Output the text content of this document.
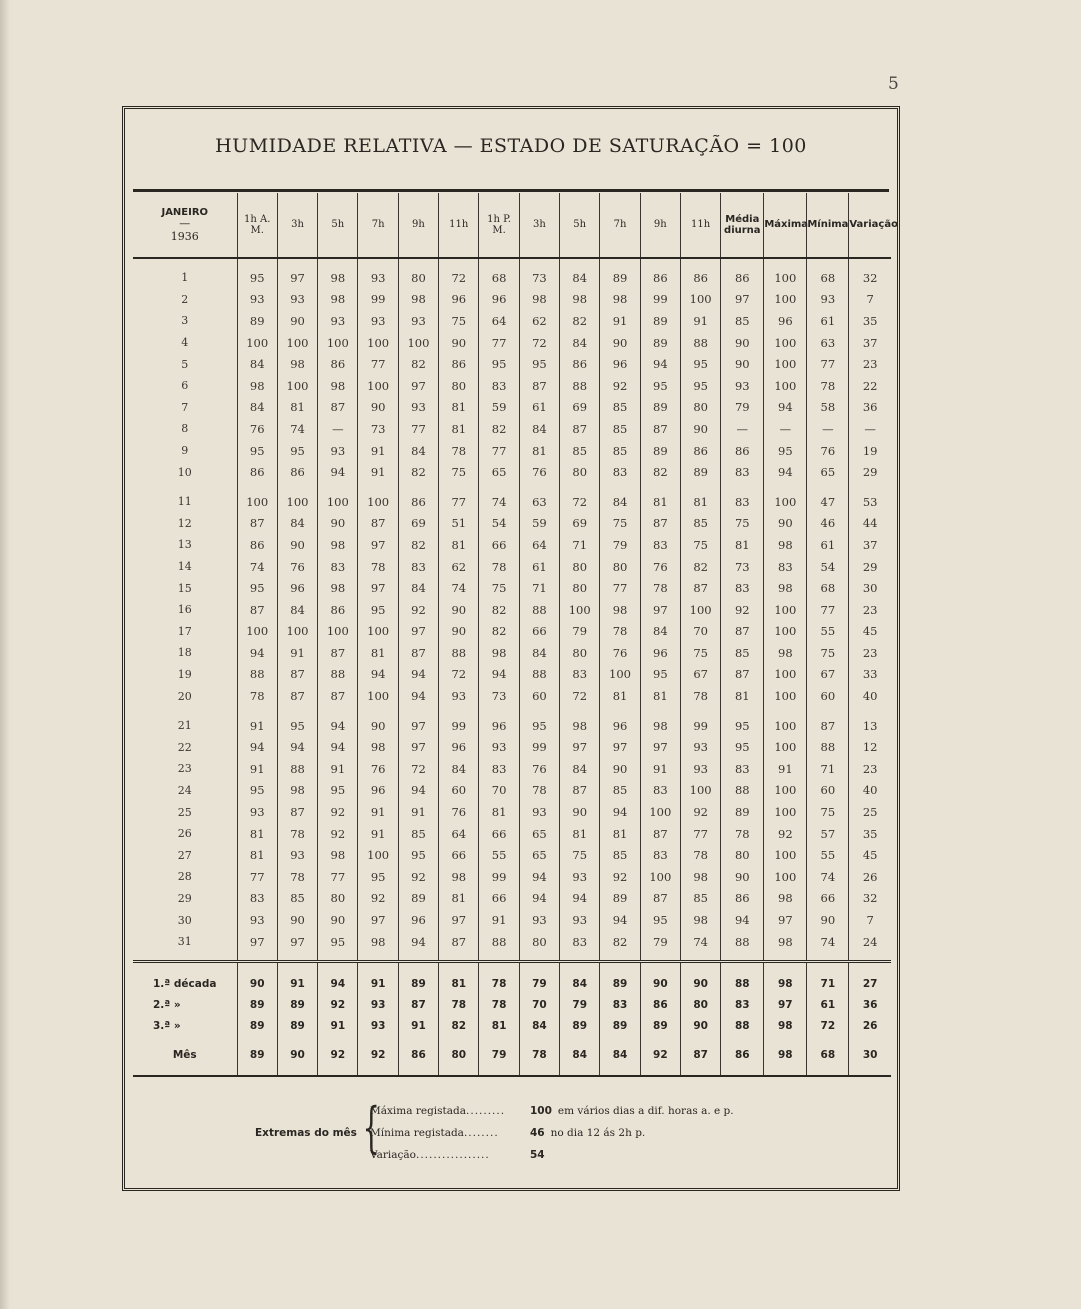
5
HUMIDADE RELATIVA — ESTADO DE SATURAÇÃO = 100
JANEIRO
—
1936	1h A. M.	3h	5h	7h	9h	11h	1h P. M.	3h	5h	7h	9h	11h	Média diurna	Máxima	Mínima	Variação

1	95	97	98	93	80	72	68	73	84	89	86	86	86	100	68	32
2	93	93	98	99	98	96	96	98	98	98	99	100	97	100	93	7
3	89	90	93	93	93	75	64	62	82	91	89	91	85	96	61	35
4	100	100	100	100	100	90	77	72	84	90	89	88	90	100	63	37
5	84	98	86	77	82	86	95	95	86	96	94	95	90	100	77	23
6	98	100	98	100	97	80	83	87	88	92	95	95	93	100	78	22
7	84	81	87	90	93	81	59	61	69	85	89	80	79	94	58	36
8	76	74	—	73	77	81	82	84	87	85	87	90	—	—	—	—
9	95	95	93	91	84	78	77	81	85	85	89	86	86	95	76	19
10	86	86	94	91	82	75	65	76	80	83	82	89	83	94	65	29

11	100	100	100	100	86	77	74	63	72	84	81	81	83	100	47	53
12	87	84	90	87	69	51	54	59	69	75	87	85	75	90	46	44
13	86	90	98	97	82	81	66	64	71	79	83	75	81	98	61	37
14	74	76	83	78	83	62	78	61	80	80	76	82	73	83	54	29
15	95	96	98	97	84	74	75	71	80	77	78	87	83	98	68	30
16	87	84	86	95	92	90	82	88	100	98	97	100	92	100	77	23
17	100	100	100	100	97	90	82	66	79	78	84	70	87	100	55	45
18	94	91	87	81	87	88	98	84	80	76	96	75	85	98	75	23
19	88	87	88	94	94	72	94	88	83	100	95	67	87	100	67	33
20	78	87	87	100	94	93	73	60	72	81	81	78	81	100	60	40

21	91	95	94	90	97	99	96	95	98	96	98	99	95	100	87	13
22	94	94	94	98	97	96	93	99	97	97	97	93	95	100	88	12
23	91	88	91	76	72	84	83	76	84	90	91	93	83	91	71	23
24	95	98	95	96	94	60	70	78	87	85	83	100	88	100	60	40
25	93	87	92	91	91	76	81	93	90	94	100	92	89	100	75	25
26	81	78	92	91	85	64	66	65	81	81	87	77	78	92	57	35
27	81	93	98	100	95	66	55	65	75	85	83	78	80	100	55	45
28	77	78	77	95	92	98	99	94	93	92	100	98	90	100	74	26
29	83	85	80	92	89	81	66	94	94	89	87	85	86	98	66	32
30	93	90	90	97	96	97	91	93	93	94	95	98	94	97	90	7
31	97	97	95	98	94	87	88	80	83	82	79	74	88	98	74	24

1.ª década	90	91	94	91	89	81	78	79	84	89	90	90	88	98	71	27
2.ª »	89	89	92	93	87	78	78	70	79	83	86	80	83	97	61	36
3.ª »	89	89	91	93	91	82	81	84	89	89	89	90	88	98	72	26

Mês	89	90	92	92	86	80	79	78	84	84	92	87	86	98	68	30

Extremas do mês {
Máxima registada......... 100 em vários dias a dif. horas a. e p.
Mínima registada........	46 no dia 12 ás 2h p.
Variação.................	54
